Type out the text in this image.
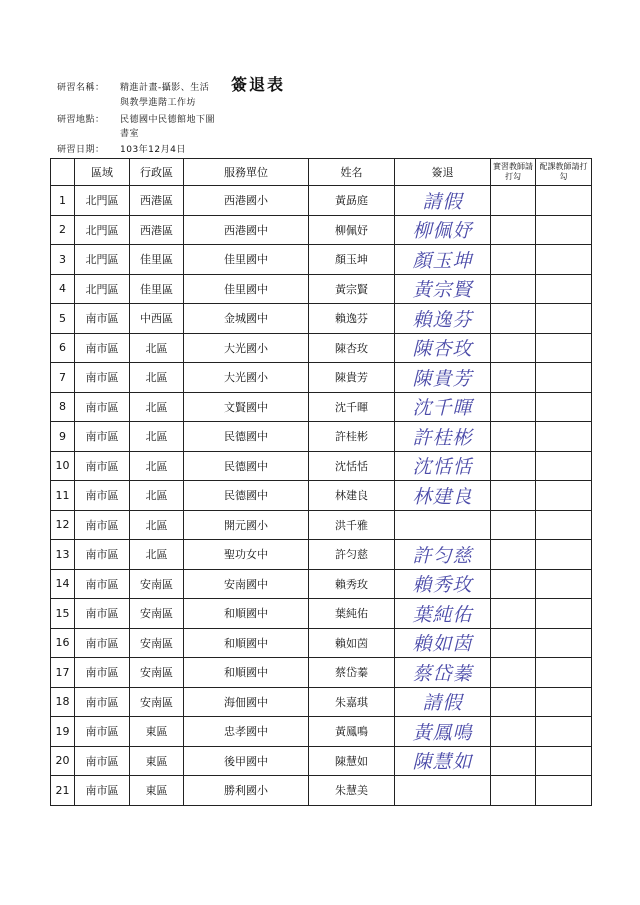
研習名稱： 精進計畫-攝影、生活
與教學進階工作坊
簽退表
研習地點： 民德國中民德館地下圖
書室
研習日期： 103年12月4日
	區域	行政區	服務單位	姓名	簽退	實習教師請打勾	配課教師請打勾
1	北門區	西港區	西港國小	黃勗庭	請假		
2	北門區	西港區	西港國中	柳佩妤	柳佩妤		
3	北門區	佳里區	佳里國中	顏玉坤	顏玉坤		
4	北門區	佳里區	佳里國中	黃宗賢	黃宗賢		
5	南市區	中西區	金城國中	賴逸芬	賴逸芬		
6	南市區	北區	大光國小	陳杏玫	陳杏玫		
7	南市區	北區	大光國小	陳貴芳	陳貴芳		
8	南市區	北區	文賢國中	沈千暉	沈千暉		
9	南市區	北區	民德國中	許桂彬	許桂彬		
10	南市區	北區	民德國中	沈恬恬	沈恬恬		
11	南市區	北區	民德國中	林建良	林建良		
12	南市區	北區	開元國小	洪千雅			
13	南市區	北區	聖功女中	許匀慈	許匀慈		
14	南市區	安南區	安南國中	賴秀玫	賴秀玫		
15	南市區	安南區	和順國中	葉純佑	葉純佑		
16	南市區	安南區	和順國中	賴如茵	賴如茵		
17	南市區	安南區	和順國中	蔡岱蓁	蔡岱蓁		
18	南市區	安南區	海佃國中	朱嘉琪	請假		
19	南市區	東區	忠孝國中	黃鳳鳴	黃鳳鳴		
20	南市區	東區	後甲國中	陳慧如	陳慧如		
21	南市區	東區	勝利國小	朱慧美			
